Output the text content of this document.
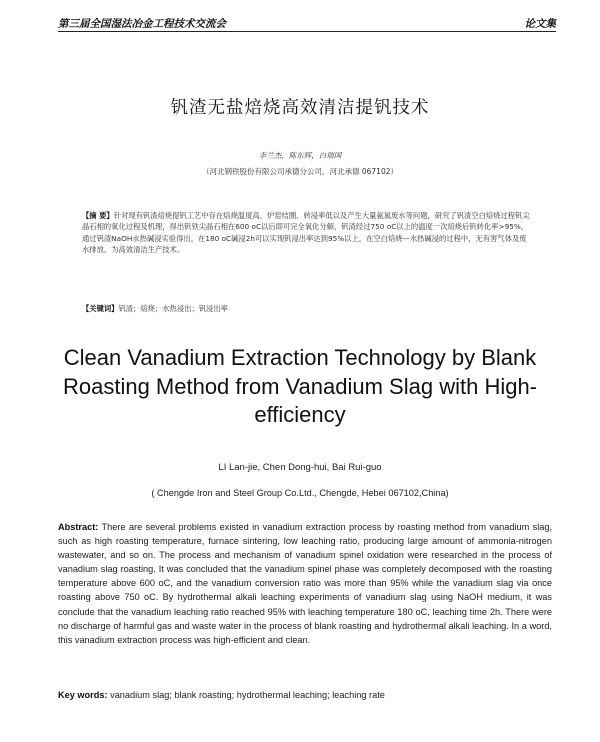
第三届全国湿法冶金工程技术交流会	论文集
钒渣无盐焙烧高效清洁提钒技术
李兰杰，陈东辉，白瑞国
（河北钢铁股份有限公司承德分公司，河北承德 067102）
【摘 要】针对现有钒渣焙烧提钒工艺中存在焙烧温度高、炉窑结圈、转浸率低以及产生大量氨氮废水等问题，研究了钒渣空白焙烧过程钒尖晶石相的氧化过程及机理，得出钒铁尖晶石相在600 oC以后即可完全氧化分解，钒渣经过750 oC以上的温度一次焙烧后钒转化率>95%，通过钒渣NaOH水热碱浸实验得出，在180 oC碱浸2h可以实现钒浸出率达到95%以上，在空白焙烧—水热碱浸的过程中，无有害气体及废水排放，为高效清洁生产技术。
【关键词】钒渣；焙烧；水热浸出；钒浸出率
Clean Vanadium Extraction Technology by Blank
Roasting Method from Vanadium Slag with High-
efficiency
LI Lan-jie, Chen Dong-hui, Bai Rui-guo
( Chengde Iron and Steel Group Co.Ltd., Chengde, Hebei 067102,China)
Abstract: There are several problems existed in vanadium extraction process by roasting method from vanadium slag, such as high roasting temperature, furnace sintering, low leaching ratio, producing large amount of ammonia-nitrogen wastewater, and so on. The process and mechanism of vanadium spinel oxidation were researched in the process of vanadium slag roasting. It was concluded that the vanadium spinel phase was completely decomposed with the roasting temperature above 600 oC, and the vanadium conversion ratio was more than 95% while the vanadium slag via once roasting above 750 oC. By hydrothermal alkali leaching experiments of vanadium slag using NaOH medium, it was conclude that the vanadium leaching ratio reached 95% with leaching temperature 180 oC, leaching time 2h. There were no discharge of harmful gas and waste water in the process of blank roasting and hydrothermal alkali leaching. In a word, this vanadium extraction process was high-efficient and clean.
Key words: vanadium slag; blank roasting; hydrothermal leaching; leaching rate
